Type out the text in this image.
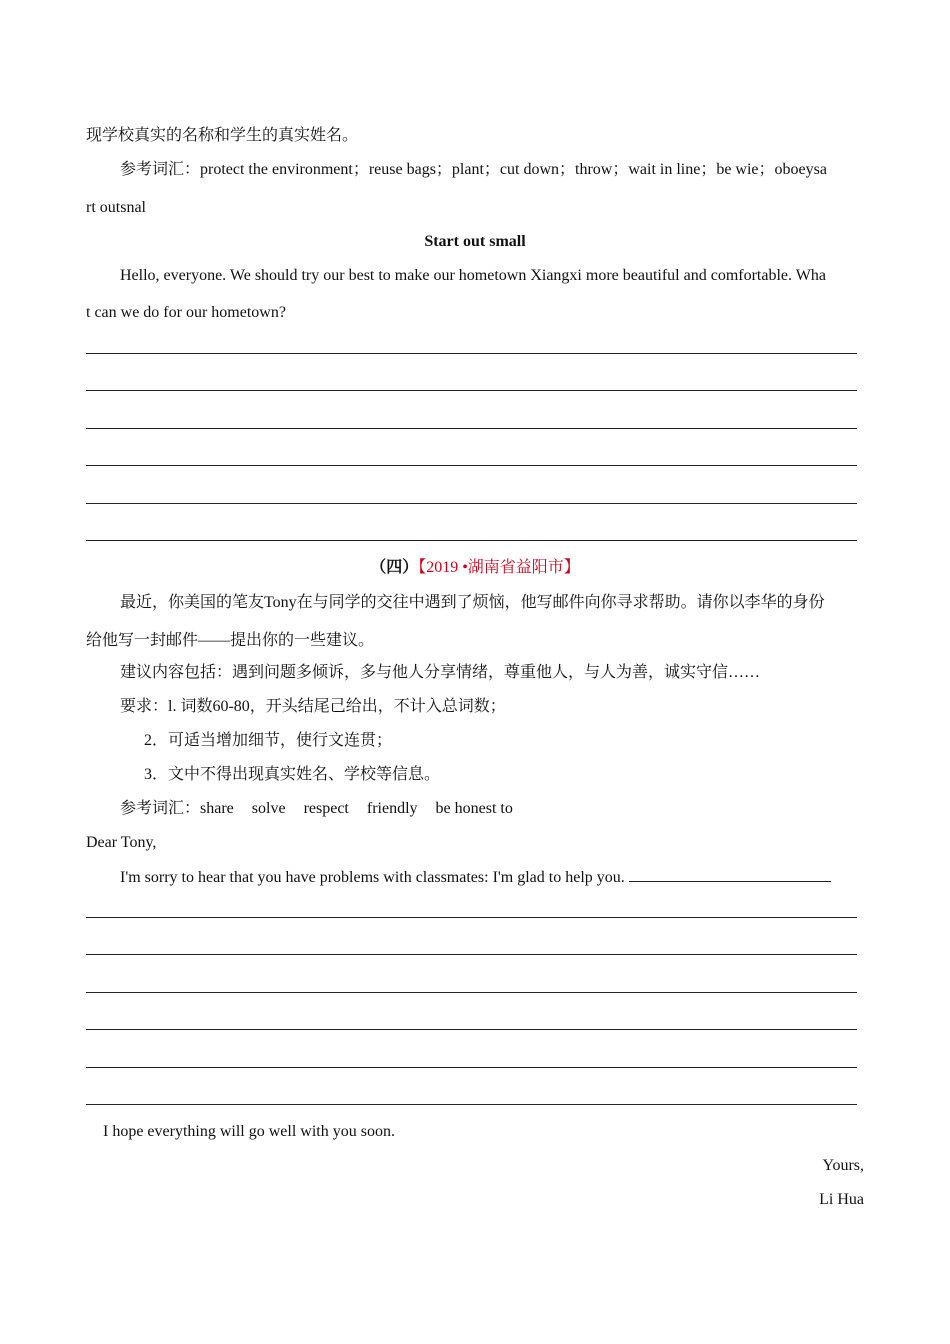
现学校真实的名称和学生的真实姓名。
参考词汇：protect the environment；reuse bags；plant；cut down；throw；wait in line；be wie；oboeysa
rt outsnal
Start out small
Hello, everyone. We should try our best to make our hometown Xiangxi more beautiful and comfortable. Wha
t can we do for our hometown?
（四）【2019 •湖南省益阳市】
最近，你美国的笔友Tony在与同学的交往中遇到了烦恼，他写邮件向你寻求帮助。请你以李华的身份
给他写一封邮件——提出你的一些建议。
建议内容包括：遇到问题多倾诉，多与他人分享情绪，尊重他人，与人为善，诚实守信……
要求：l. 词数60-80，开头结尾己给出，不计入总词数；
2．可适当增加细节，使行文连贯；
3．文中不得出现真实姓名、学校等信息。
参考词汇：share solve respect friendly be honest to
Dear Tony,
I'm sorry to hear that you have problems with classmates: I'm glad to help you.
I hope everything will go well with you soon.
Yours,
Li Hua
